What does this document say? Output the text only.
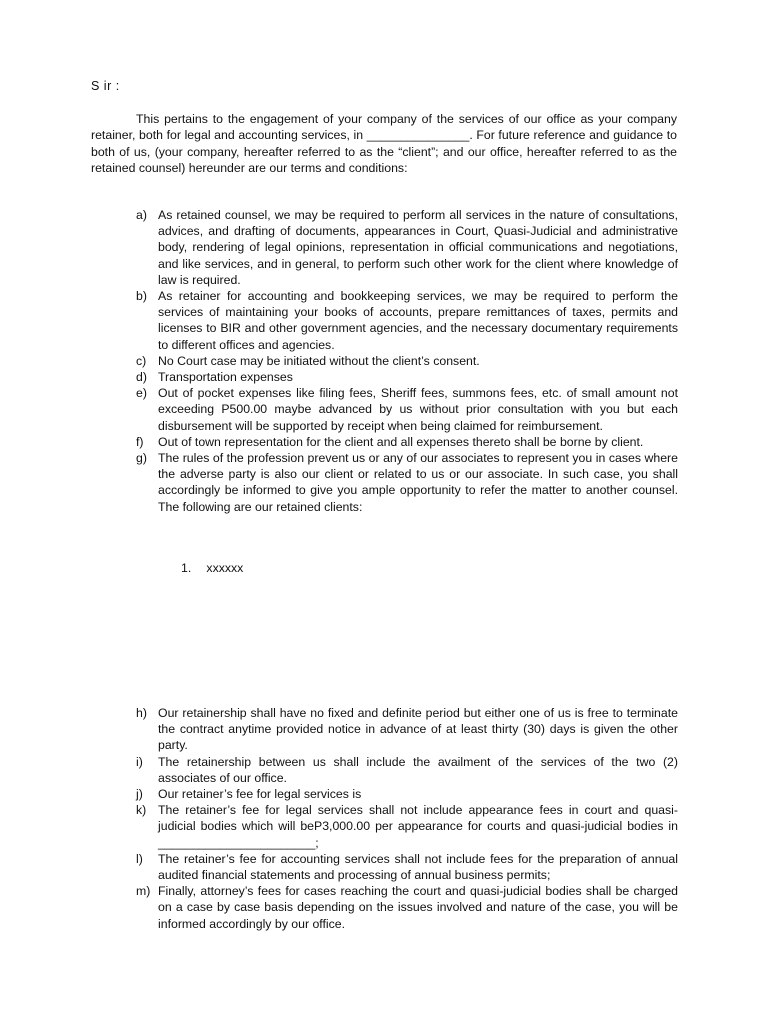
S ir :

This pertains to the engagement of your company of the services of our office as your company retainer, both for legal and accounting services, in _______________. For future reference and guidance to both of us, (your company, hereafter referred to as the “client”; and our office, hereafter referred to as the retained counsel) hereunder are our terms and conditions:

a) As retained counsel, we may be required to perform all services in the nature of consultations, advices, and drafting of documents, appearances in Court, Quasi-Judicial and administrative body, rendering of legal opinions, representation in official communications and negotiations, and like services, and in general, to perform such other work for the client where knowledge of law is required.
b) As retainer for accounting and bookkeeping services, we may be required to perform the services of maintaining your books of accounts, prepare remittances of taxes, permits and licenses to BIR and other government agencies, and the necessary documentary requirements to different offices and agencies.
c) No Court case may be initiated without the client’s consent.
d) Transportation expenses
e) Out of pocket expenses like filing fees, Sheriff fees, summons fees, etc. of small amount not exceeding P500.00 maybe advanced by us without prior consultation with you but each disbursement will be supported by receipt when being claimed for reimbursement.
f) Out of town representation for the client and all expenses thereto shall be borne by client.
g) The rules of the profession prevent us or any of our associates to represent you in cases where the adverse party is also our client or related to us or our associate. In such case, you shall accordingly be informed to give you ample opportunity to refer the matter to another counsel. The following are our retained clients:
1. xxxxxx
h) Our retainership shall have no fixed and definite period but either one of us is free to terminate the contract anytime provided notice in advance of at least thirty (30) days is given the other party.
i) The retainership between us shall include the availment of the services of the two (2) associates of our office.
j) Our retainer’s fee for legal services is
k) The retainer’s fee for legal services shall not include appearance fees in court and quasi-judicial bodies which will beP3,000.00 per appearance for courts and quasi-judicial bodies in _______________________;
l) The retainer’s fee for accounting services shall not include fees for the preparation of annual audited financial statements and processing of annual business permits;
m) Finally, attorney’s fees for cases reaching the court and quasi-judicial bodies shall be charged on a case by case basis depending on the issues involved and nature of the case, you will be informed accordingly by our office.
